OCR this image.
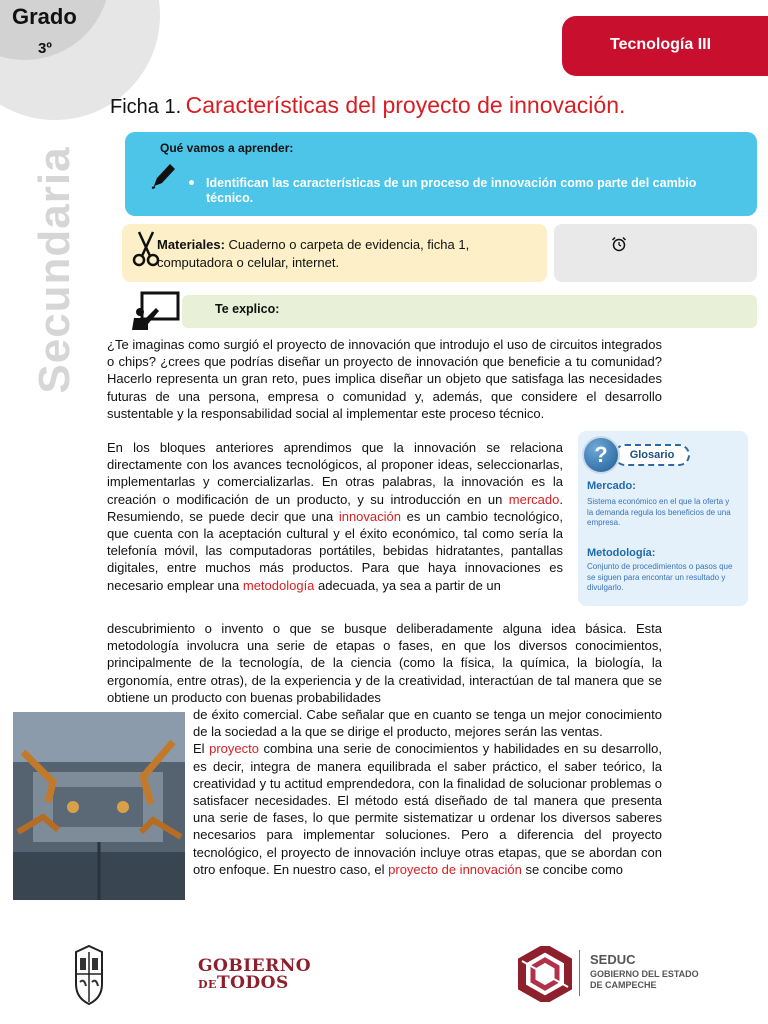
Grado
3º
Secundaria
Tecnología III
Ficha 1. Características del proyecto de innovación.
Qué vamos a aprender:
• Identifican las características de un proceso de innovación como parte del cambio técnico.
Materiales: Cuaderno o carpeta de evidencia, ficha 1, computadora o celular, internet.
Te explico:
¿Te imaginas como surgió el proyecto de innovación que introdujo el uso de circuitos integrados o chips? ¿crees que podrías diseñar un proyecto de innovación que beneficie a tu comunidad? Hacerlo representa un gran reto, pues implica diseñar un objeto que satisfaga las necesidades futuras de una persona, empresa o comunidad y, además, que considere el desarrollo sustentable y la responsabilidad social al implementar este proceso técnico.
En los bloques anteriores aprendimos que la innovación se relaciona directamente con los avances tecnológicos, al proponer ideas, seleccionarlas, implementarlas y comercializarlas. En otras palabras, la innovación es la creación o modificación de un producto, y su introducción en un mercado. Resumiendo, se puede decir que una innovación es un cambio tecnológico, que cuenta con la aceptación cultural y el éxito económico, tal como sería la telefonía móvil, las computadoras portátiles, bebidas hidratantes, pantallas digitales, entre muchos más productos. Para que haya innovaciones es necesario emplear una metodología adecuada, ya sea a partir de un
descubrimiento o invento o que se busque deliberadamente alguna idea básica. Esta metodología involucra una serie de etapas o fases, en que los diversos conocimientos, principalmente de la tecnología, de la ciencia (como la física, la química, la biología, la ergonomía, entre otras), de la experiencia y de la creatividad, interactúan de tal manera que se obtiene un producto con buenas probabilidades
de éxito comercial. Cabe señalar que en cuanto se tenga un mejor conocimiento de la sociedad a la que se dirige el producto, mejores serán las ventas.
El proyecto combina una serie de conocimientos y habilidades en su desarrollo, es decir, integra de manera equilibrada el saber práctico, el saber teórico, la creatividad y tu actitud emprendedora, con la finalidad de solucionar problemas o satisfacer necesidades. El método está diseñado de tal manera que presenta una serie de fases, lo que permite sistematizar u ordenar los diversos saberes necesarios para implementar soluciones. Pero a diferencia del proyecto tecnológico, el proyecto de innovación incluye otras etapas, que se abordan con otro enfoque. En nuestro caso, el proyecto de innovación se concibe como
Glosario
?
Mercado:
Sistema económico en el que la oferta y la demanda regula los beneficios de una empresa.
Metodología:
Conjunto de procedimientos o pasos que se siguen para encontar un resultado y divulgarlo.
GOBIERNO
DETODOS
SEDUC
GOBIERNO DEL ESTADO
DE CAMPECHE
